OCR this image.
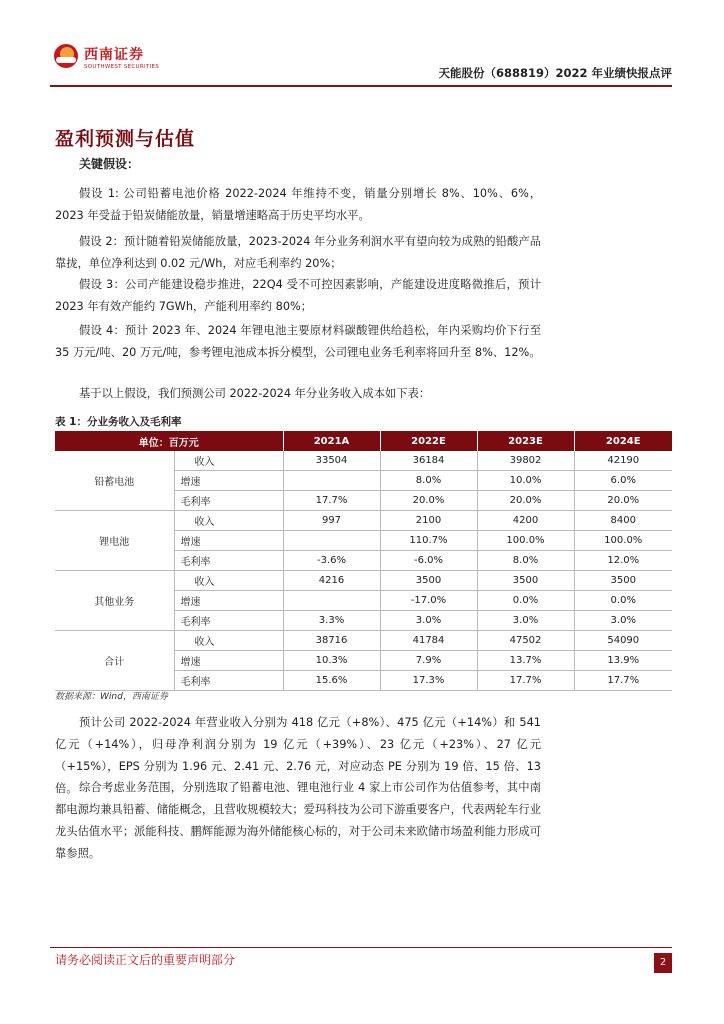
西南证券
SOUTHWEST SECURITIES	天能股份（688819）2022 年业绩快报点评
盈利预测与估值
关键假设：
假设 1: 公司铅蓄电池价格 2022-2024 年维持不变，销量分别增长 8%、10%、6%，2023 年受益于铅炭储能放量，销量增速略高于历史平均水平。
假设 2：预计随着铅炭储能放量，2023-2024 年分业务利润水平有望向较为成熟的铅酸产品靠拢，单位净利达到 0.02 元/Wh，对应毛利率约 20%；
假设 3：公司产能建设稳步推进，22Q4 受不可控因素影响，产能建设进度略微推后，预计 2023 年有效产能约 7GWh，产能利用率约 80%；
假设 4：预计 2023 年、2024 年锂电池主要原材料碳酸锂供给趋松，年内采购均价下行至 35 万元/吨、20 万元/吨，参考锂电池成本拆分模型，公司锂电业务毛利率将回升至 8%、12%。
基于以上假设，我们预测公司 2022-2024 年分业务收入成本如下表：
表 1：分业务收入及毛利率
单位：百万元		2021A	2022E	2023E	2024E
铅蓄电池	收入	33504	36184	39802	42190
	增速		8.0%	10.0%	6.0%
	毛利率	17.7%	20.0%	20.0%	20.0%
锂电池	收入	997	2100	4200	8400
	增速		110.7%	100.0%	100.0%
	毛利率	-3.6%	-6.0%	8.0%	12.0%
其他业务	收入	4216	3500	3500	3500
	增速		-17.0%	0.0%	0.0%
	毛利率	3.3%	3.0%	3.0%	3.0%
合计	收入	38716	41784	47502	54090
	增速	10.3%	7.9%	13.7%	13.9%
	毛利率	15.6%	17.3%	17.7%	17.7%
数据来源：Wind，西南证券
预计公司 2022-2024 年营业收入分别为 418 亿元（+8%）、475 亿元（+14%）和 541 亿元（+14%），归母净利润分别为 19 亿元（+39%）、23 亿元（+23%）、27 亿元（+15%），EPS 分别为 1.96 元、2.41 元、2.76 元，对应动态 PE 分别为 19 倍、15 倍、13 倍。 综合考虑业务范围，分别选取了铅蓄电池、锂电池行业 4 家上市公司作为估值参考，其中南都电源均兼具铅蓄、储能概念，且营收规模较大；爱玛科技为公司下游重要客户，代表两轮车行业龙头估值水平；派能科技、鹏辉能源为海外储能核心标的，对于公司未来欧储市场盈利能力形成可靠参照。
请务必阅读正文后的重要声明部分	2
